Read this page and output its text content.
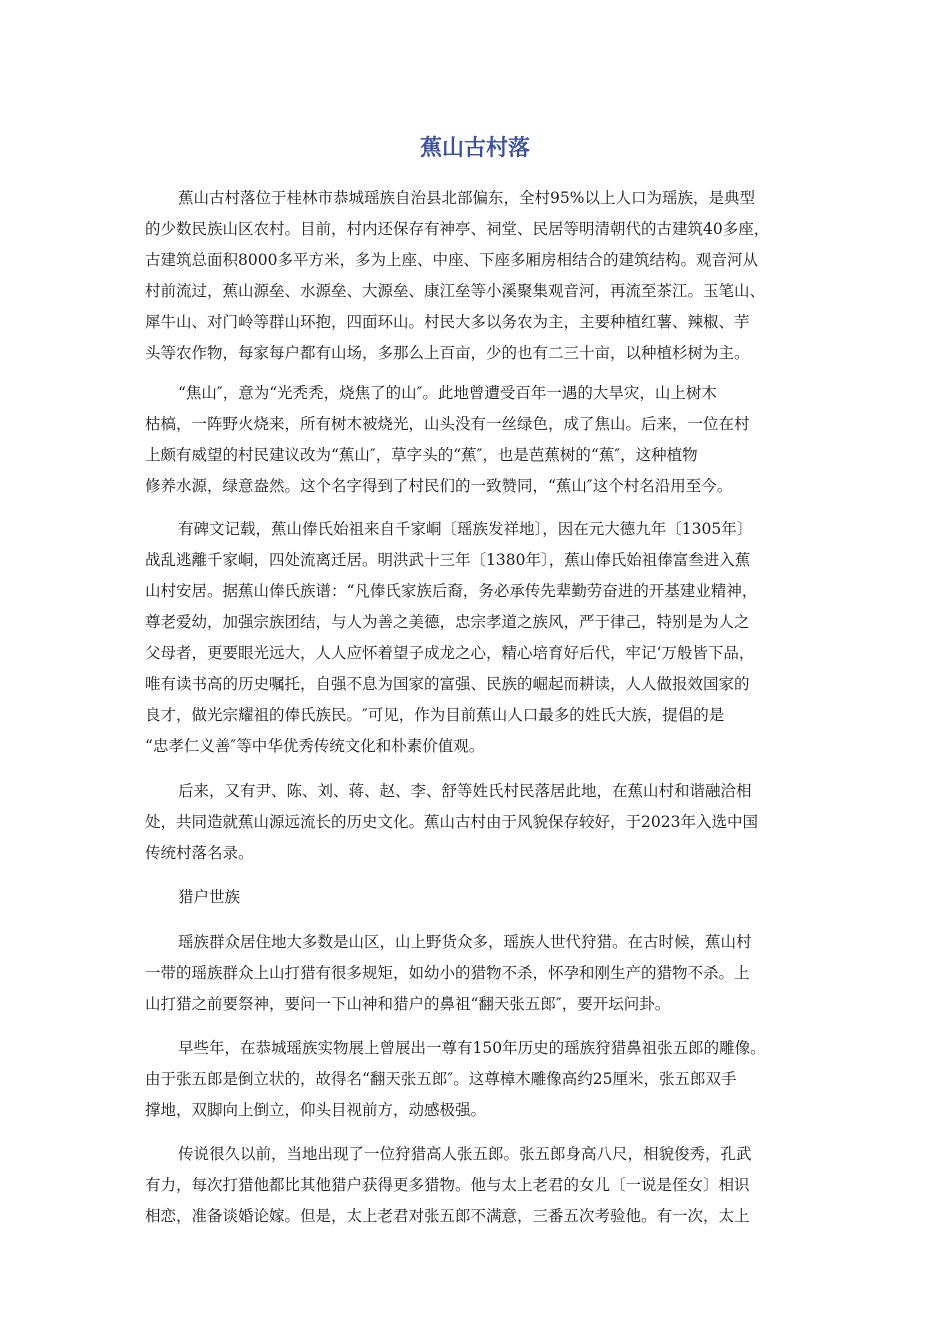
蕉山古村落
蕉山古村落位于桂林市恭城瑶族自治县北部偏东，全村95%以上人口为瑶族，是典型
的少数民族山区农村。目前，村内还保存有神亭、祠堂、民居等明清朝代的古建筑40多座，
古建筑总面积8000多平方米，多为上座、中座、下座多厢房相结合的建筑结构。观音河从
村前流过，蕉山源垒、水源垒、大源垒、康江垒等小溪聚集观音河，再流至茶江。玉笔山、
犀牛山、对门岭等群山环抱，四面环山。村民大多以务农为主，主要种植红薯、辣椒、芋
头等农作物，每家每户都有山场，多那么上百亩，少的也有二三十亩，以种植杉树为主。
“焦山″，意为“光秃秃，烧焦了的山″。此地曾遭受百年一遇的大旱灾，山上树木
枯槁，一阵野火烧来，所有树木被烧光，山头没有一丝绿色，成了焦山。后来，一位在村
上颇有威望的村民建议改为“蕉山″，草字头的“蕉″，也是芭蕉树的“蕉″，这种植物
修养水源，绿意盎然。这个名字得到了村民们的一致赞同，“蕉山″这个村名沿用至今。
有碑文记载，蕉山俸氏始祖来自千家峒〔瑶族发祥地〕，因在元大德九年〔1305年〕
战乱逃離千家峒，四处流离迁居。明洪武十三年〔1380年〕，蕉山俸氏始祖俸富叁进入蕉
山村安居。据蕉山俸氏族谱：“凡俸氏家族后裔，务必承传先辈勤劳奋进的开基建业精神，
尊老爱幼，加强宗族团结，与人为善之美德，忠宗孝道之族风，严于律己，特别是为人之
父母者，更要眼光远大，人人应怀着望子成龙之心，精心培育好后代，牢记‘万般皆下品，
唯有读书高的历史嘱托，自强不息为国家的富强、民族的崛起而耕读，人人做报效国家的
良才，做光宗耀祖的俸氏族民。″可见，作为目前蕉山人口最多的姓氏大族，提倡的是
“忠孝仁义善″等中华优秀传统文化和朴素价值观。
后来，又有尹、陈、刘、蒋、赵、李、舒等姓氏村民落居此地，在蕉山村和谐融洽相
处，共同造就蕉山源远流长的历史文化。蕉山古村由于风貌保存较好，于2023年入选中国
传统村落名录。
猎户世族
瑶族群众居住地大多数是山区，山上野货众多，瑶族人世代狩猎。在古时候，蕉山村
一带的瑶族群众上山打猎有很多规矩，如幼小的猎物不杀，怀孕和刚生产的猎物不杀。上
山打猎之前要祭神，要问一下山神和猎户的鼻祖“翻天张五郎″，要开坛问卦。
早些年，在恭城瑶族实物展上曾展出一尊有150年历史的瑶族狩猎鼻祖张五郎的雕像。
由于张五郎是倒立状的，故得名“翻天张五郎″。这尊樟木雕像高约25厘米，张五郎双手
撑地，双脚向上倒立，仰头目视前方，动感极强。
传说很久以前，当地出现了一位狩猎高人张五郎。张五郎身高八尺，相貌俊秀，孔武
有力，每次打猎他都比其他猎户获得更多猎物。他与太上老君的女儿〔一说是侄女〕相识
相恋，准备谈婚论嫁。但是，太上老君对张五郎不满意，三番五次考验他。有一次，太上
